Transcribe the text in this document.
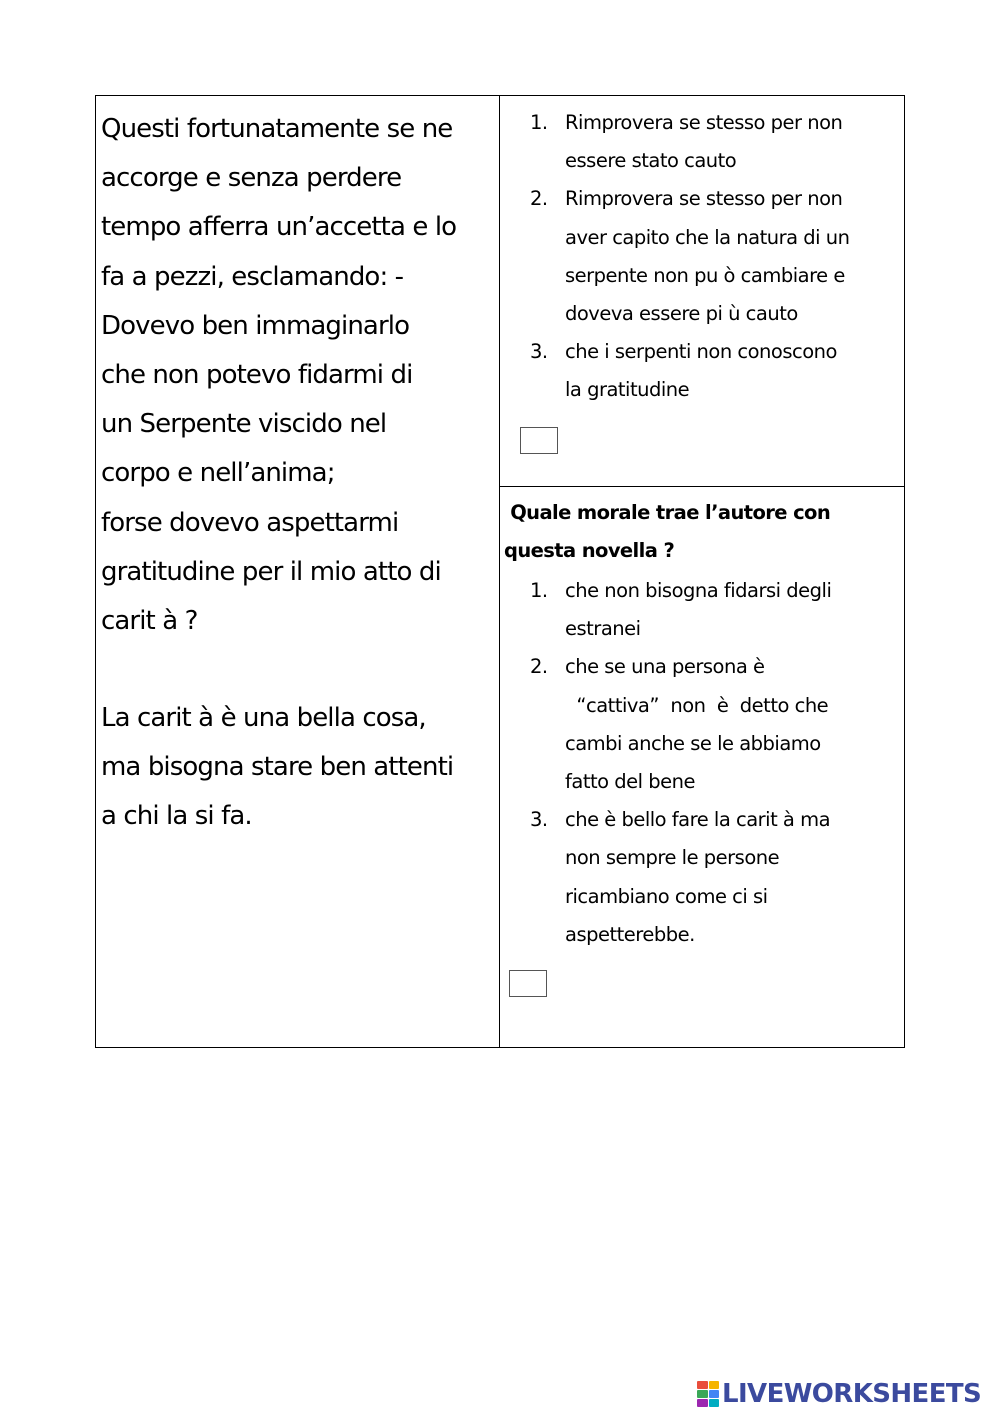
Questi fortunatamente se ne
accorge e senza perdere
tempo afferra un’accetta e lo
fa a pezzi, esclamando: -
Dovevo ben immaginarlo
che non potevo fidarmi di
un Serpente viscido nel
corpo e nell’anima;
forse dovevo aspettarmi
gratitudine per il mio atto di
carit à ?
La carit à è una bella cosa,
ma bisogna stare ben attenti
a chi la si fa.
1. Rimprovera se stesso per non
essere stato cauto
2. Rimprovera se stesso per non
aver capito che la natura di un
serpente non pu ò cambiare e
doveva essere pi ù cauto
3. che i serpenti non conoscono
la gratitudine
Quale morale trae l’autore con
questa novella ?
1. che non bisogna fidarsi degli
estranei
2. che se una persona è
“cattiva”  non  è  detto che
cambi anche se le abbiamo
fatto del bene
3. che è bello fare la carit à ma
non sempre le persone
ricambiano come ci si
aspetterebbe.
LIVEWORKSHEETS
